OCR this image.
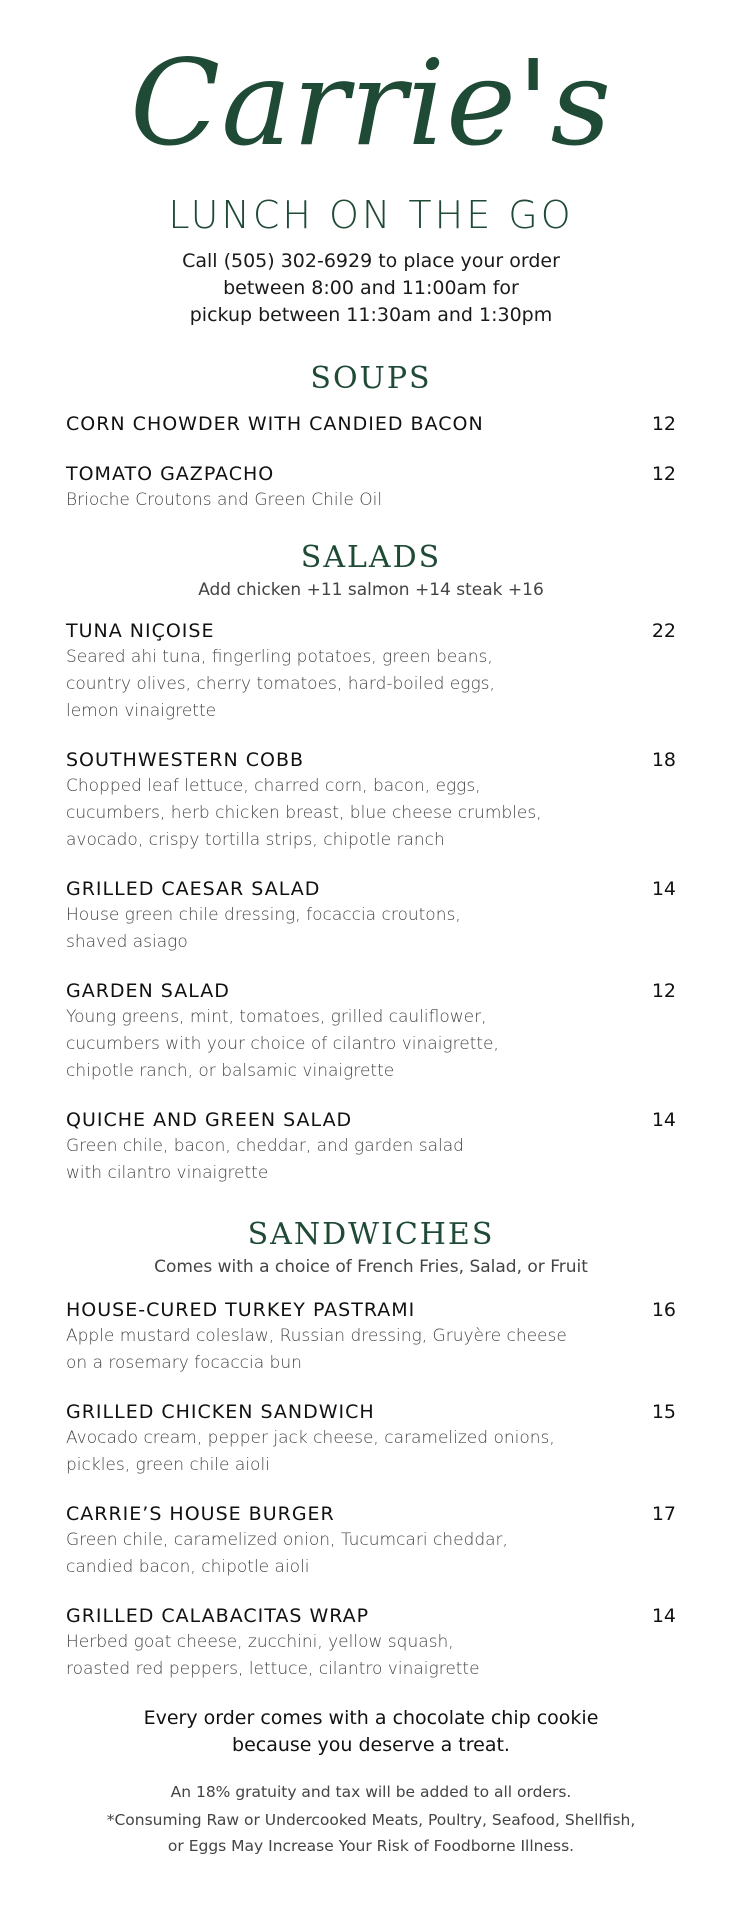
Carrie's
LUNCH ON THE GO
Call (505) 302-6929 to place your order
between 8:00 and 11:00am for
pickup between 11:30am and 1:30pm
SOUPS
CORN CHOWDER WITH CANDIED BACON	12
TOMATO GAZPACHO	12
Brioche Croutons and Green Chile Oil
SALADS
Add chicken +11 salmon +14 steak +16
TUNA NIÇOISE	22
Seared ahi tuna, fingerling potatoes, green beans,
country olives, cherry tomatoes, hard-boiled eggs,
lemon vinaigrette
SOUTHWESTERN COBB	18
Chopped leaf lettuce, charred corn, bacon, eggs,
cucumbers, herb chicken breast, blue cheese crumbles,
avocado, crispy tortilla strips, chipotle ranch
GRILLED CAESAR SALAD	14
House green chile dressing, focaccia croutons,
shaved asiago
GARDEN SALAD	12
Young greens, mint, tomatoes, grilled cauliflower,
cucumbers with your choice of cilantro vinaigrette,
chipotle ranch, or balsamic vinaigrette
QUICHE AND GREEN SALAD	14
Green chile, bacon, cheddar, and garden salad
with cilantro vinaigrette
SANDWICHES
Comes with a choice of French Fries, Salad, or Fruit
HOUSE-CURED TURKEY PASTRAMI	16
Apple mustard coleslaw, Russian dressing, Gruyère cheese
on a rosemary focaccia bun
GRILLED CHICKEN SANDWICH	15
Avocado cream, pepper jack cheese, caramelized onions,
pickles, green chile aioli
CARRIE’S HOUSE BURGER	17
Green chile, caramelized onion, Tucumcari cheddar,
candied bacon, chipotle aioli
GRILLED CALABACITAS WRAP	14
Herbed goat cheese, zucchini, yellow squash,
roasted red peppers, lettuce, cilantro vinaigrette
Every order comes with a chocolate chip cookie
because you deserve a treat.
An 18% gratuity and tax will be added to all orders.
*Consuming Raw or Undercooked Meats, Poultry, Seafood, Shellfish,
or Eggs May Increase Your Risk of Foodborne Illness.
